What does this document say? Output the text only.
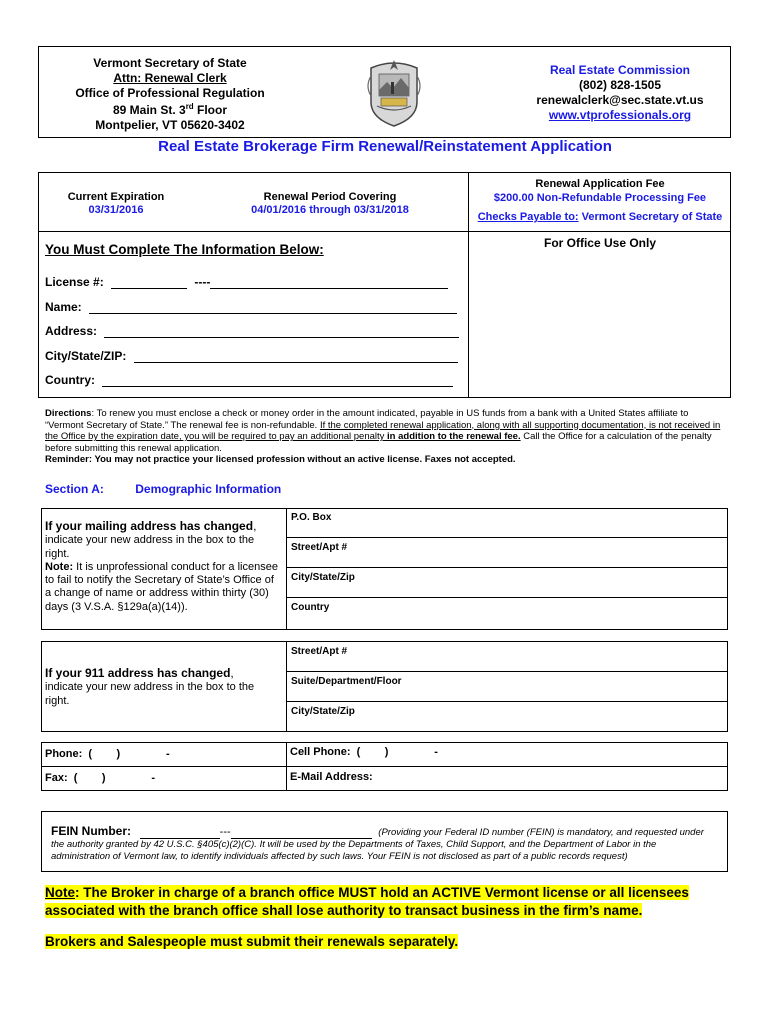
Vermont Secretary of State
Attn: Renewal Clerk
Office of Professional Regulation
89 Main St. 3rd Floor
Montpelier, VT 05620-3402
Real Estate Commission
(802) 828-1505
renewalclerk@sec.state.vt.us
www.vtprofessionals.org
Real Estate Brokerage Firm Renewal/Reinstatement Application
Current Expiration
03/31/2016
Renewal Period Covering
04/01/2016 through 03/31/2018
Renewal Application Fee
$200.00 Non-Refundable Processing Fee
Checks Payable to: Vermont Secretary of State
For Office Use Only
You Must Complete The Information Below:
License #:	----
Name:
Address:
City/State/ZIP:
Country:
Directions: To renew you must enclose a check or money order in the amount indicated, payable in US funds from a bank with a United States affiliate to “Vermont Secretary of State.” The renewal fee is non-refundable. If the completed renewal application, along with all supporting documentation, is not received in the Office by the expiration date, you will be required to pay an additional penalty in addition to the renewal fee. Call the Office for a calculation of the penalty before submitting this renewal application.
Reminder: You may not practice your licensed profession without an active license. Faxes not accepted.
Section A:	Demographic Information
If your mailing address has changed,
indicate your new address in the box to the right.
Note: It is unprofessional conduct for a licensee to fail to notify the Secretary of State’s Office of a change of name or address within thirty (30) days (3 V.S.A. §129a(a)(14)).
P.O. Box
Street/Apt #
City/State/Zip
Country
If your 911 address has changed,
indicate your new address in the box to the right.
Street/Apt #
Suite/Department/Floor
City/State/Zip
Phone:  (        )               -	Cell Phone:  (        )               -
Fax:  (        )               -	E-Mail Address:
FEIN Number:	---	(Providing your Federal ID number (FEIN) is mandatory, and requested under the authority granted by 42 U.S.C. §405(c)(2)(C). It will be used by the Departments of Taxes, Child Support, and the Department of Labor in the administration of Vermont law, to identify individuals affected by such laws. Your FEIN is not disclosed as part of a public records request)
Note: The Broker in charge of a branch office MUST hold an ACTIVE Vermont license or all licensees associated with the branch office shall lose authority to transact business in the firm’s name.
Brokers and Salespeople must submit their renewals separately.
